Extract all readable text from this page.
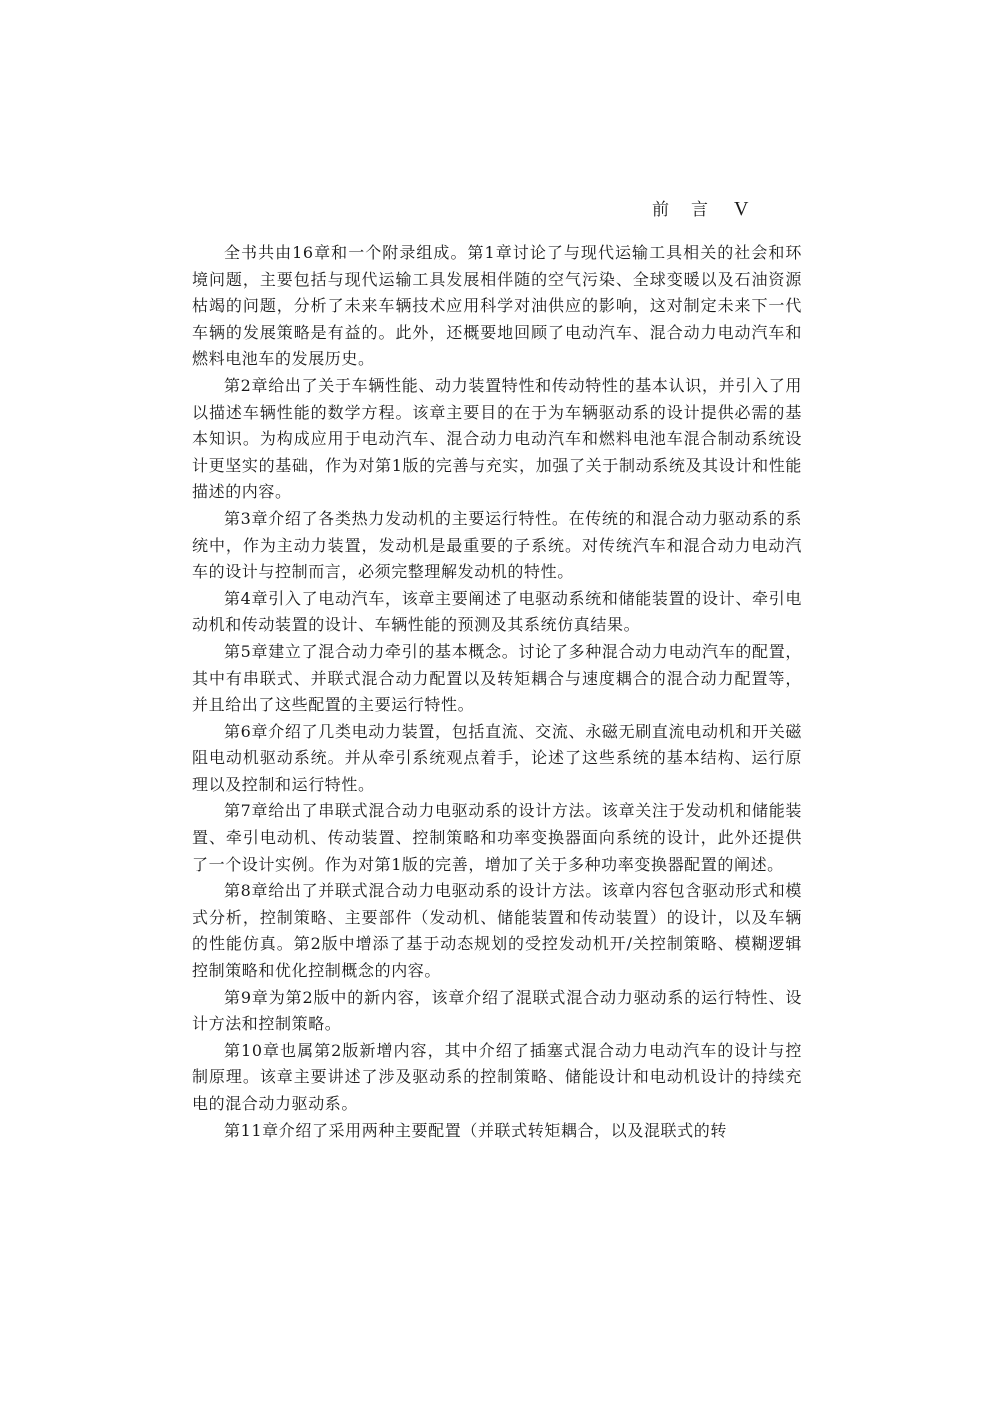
前言 V

全书共由16章和一个附录组成。第1章讨论了与现代运输工具相关的社会和环境问题，主要包括与现代运输工具发展相伴随的空气污染、全球变暖以及石油资源枯竭的问题，分析了未来车辆技术应用科学对油供应的影响，这对制定未来下一代车辆的发展策略是有益的。此外，还概要地回顾了电动汽车、混合动力电动汽车和燃料电池车的发展历史。

第2章给出了关于车辆性能、动力装置特性和传动特性的基本认识，并引入了用以描述车辆性能的数学方程。该章主要目的在于为车辆驱动系的设计提供必需的基本知识。为构成应用于电动汽车、混合动力电动汽车和燃料电池车混合制动系统设计更坚实的基础，作为对第1版的完善与充实，加强了关于制动系统及其设计和性能描述的内容。

第3章介绍了各类热力发动机的主要运行特性。在传统的和混合动力驱动系的系统中，作为主动力装置，发动机是最重要的子系统。对传统汽车和混合动力电动汽车的设计与控制而言，必须完整理解发动机的特性。

第4章引入了电动汽车，该章主要阐述了电驱动系统和储能装置的设计、牵引电动机和传动装置的设计、车辆性能的预测及其系统仿真结果。

第5章建立了混合动力牵引的基本概念。讨论了多种混合动力电动汽车的配置，其中有串联式、并联式混合动力配置以及转矩耦合与速度耦合的混合动力配置等，并且给出了这些配置的主要运行特性。

第6章介绍了几类电动力装置，包括直流、交流、永磁无刷直流电动机和开关磁阻电动机驱动系统。并从牵引系统观点着手，论述了这些系统的基本结构、运行原理以及控制和运行特性。

第7章给出了串联式混合动力电驱动系的设计方法。该章关注于发动机和储能装置、牵引电动机、传动装置、控制策略和功率变换器面向系统的设计，此外还提供了一个设计实例。作为对第1版的完善，增加了关于多种功率变换器配置的阐述。

第8章给出了并联式混合动力电驱动系的设计方法。该章内容包含驱动形式和模式分析，控制策略、主要部件（发动机、储能装置和传动装置）的设计，以及车辆的性能仿真。第2版中增添了基于动态规划的受控发动机开/关控制策略、模糊逻辑控制策略和优化控制概念的内容。

第9章为第2版中的新内容，该章介绍了混联式混合动力驱动系的运行特性、设计方法和控制策略。

第10章也属第2版新增内容，其中介绍了插塞式混合动力电动汽车的设计与控制原理。该章主要讲述了涉及驱动系的控制策略、储能设计和电动机设计的持续充电的混合动力驱动系。

第11章介绍了采用两种主要配置（并联式转矩耦合，以及混联式的转
